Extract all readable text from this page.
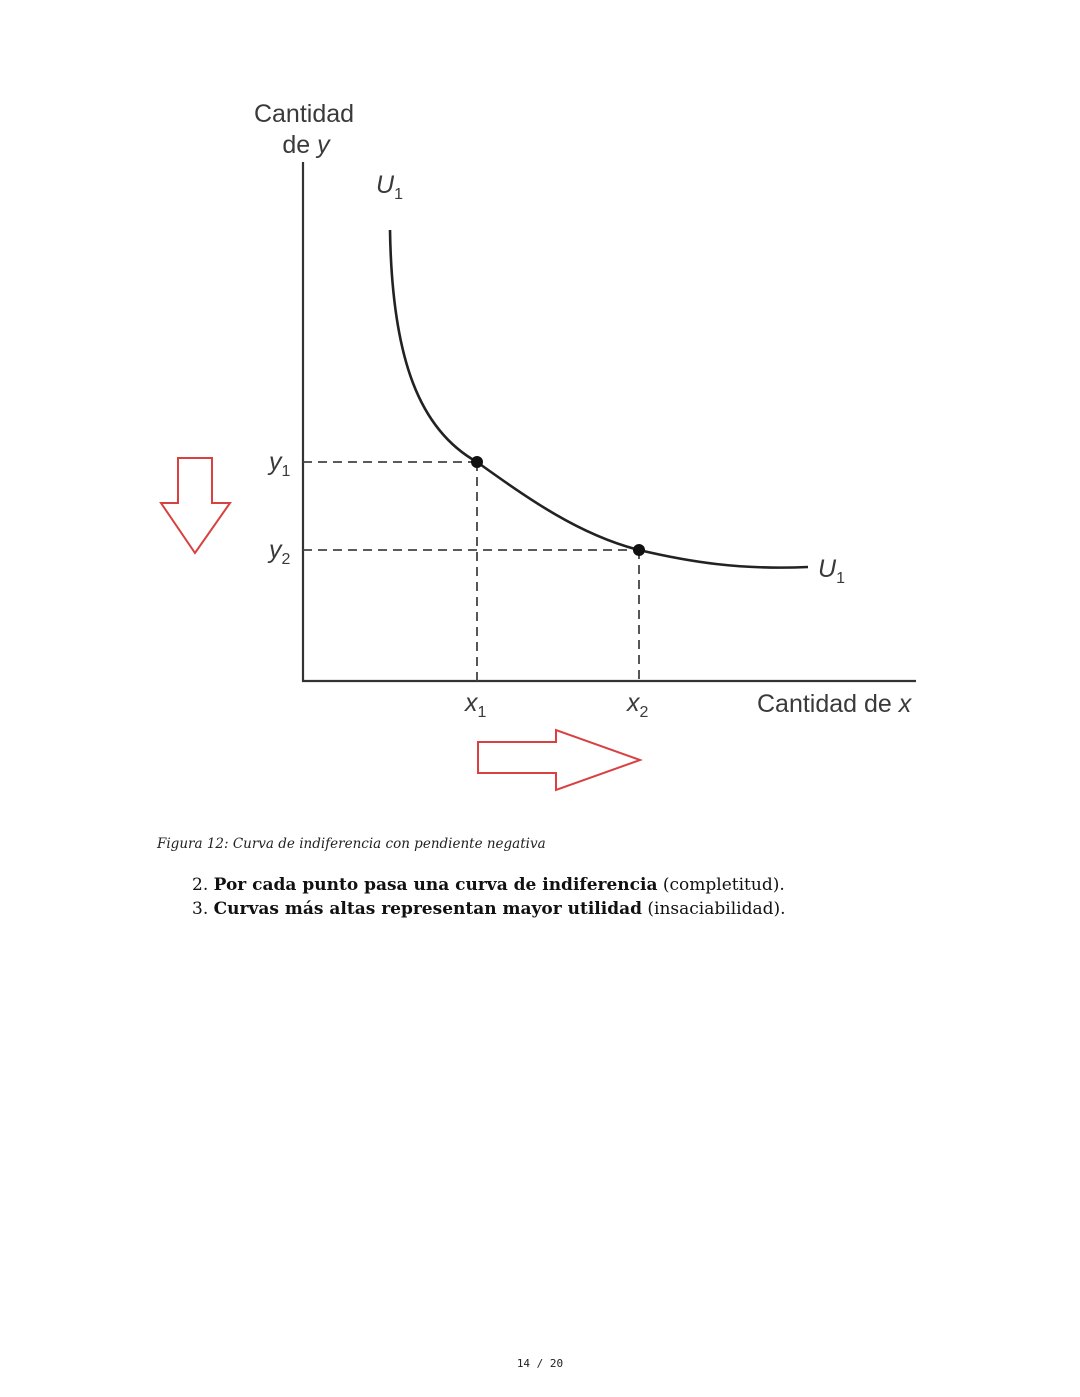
Cantidad
de y
$U_1$
$U_1$
$y_1$
$y_2$
$x_1$	$x_2$	Cantidad de x
Figura 12: Curva de indiferencia con pendiente negativa
2. Por cada punto pasa una curva de indiferencia (completitud).
3. Curvas más altas representan mayor utilidad (insaciabilidad).
14 / 20
